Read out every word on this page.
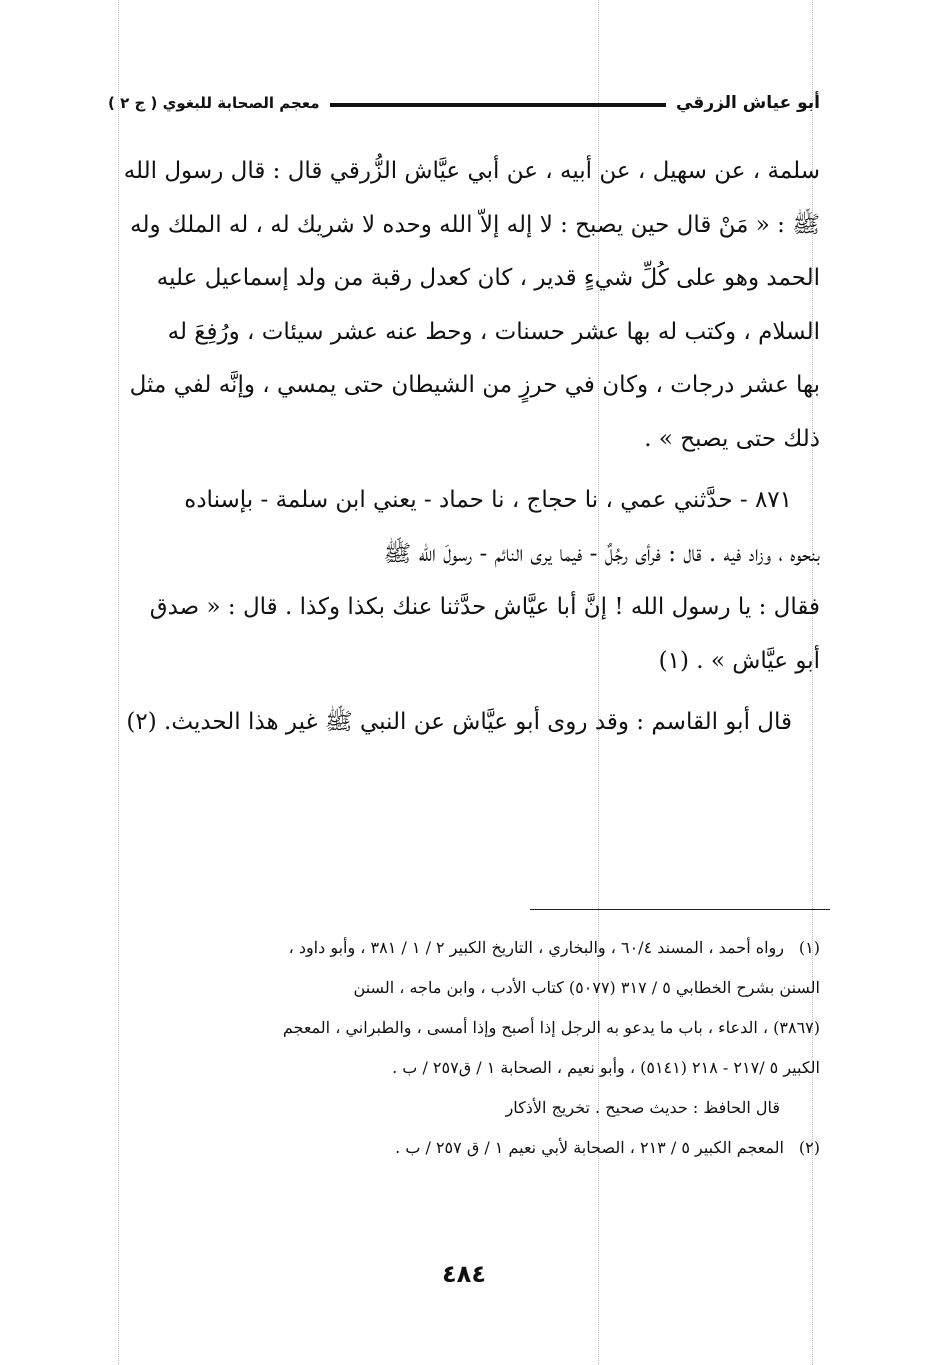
أبو عياش الزرقي
معجم الصحابة للبغوي ( ج ٢ )

سلمة ، عن سهيل ، عن أبيه ، عن أبي عيَّاش الزُّرقي قال : قال رسول الله

ﷺ : « مَنْ قال حين يصبح : لا إله إلاّ الله وحده لا شريك له ، له الملك وله

الحمد وهو على كُلِّ شيءٍ قدير ، كان كعدل رقبة من ولد إسماعيل عليه

السلام ، وكتب له بها عشر حسنات ، وحط عنه عشر سيئات ، ورُفِعَ له

بها عشر درجات ، وكان في حرزٍ من الشيطان حتى يمسي ، وإنَّه لفي مثل

ذلك حتى يصبح » .

٨٧١ - حدَّثني عمي ، نا حجاج ، نا حماد - يعني ابن سلمة - بإسناده

بنحوه ، وزاد فيه . قال : فرأى رجُلٌ - فيما يرى النائم - رسولَ الله ﷺ

فقال : يا رسول الله ! إنَّ أبا عيَّاش حدَّثنا عنك بكذا وكذا . قال : « صدق

أبو عيَّاش » . (١)

قال أبو القاسم : وقد روى أبو عيَّاش عن النبي ﷺ غير هذا الحديث. (٢)

(١)رواه أحمد ، المسند ٦٠/٤ ، والبخاري ، التاريخ الكبير ٢ / ١ / ٣٨١ ، وأبو داود ،

السنن بشرح الخطابي ٥ / ٣١٧ (٥٠٧٧) كتاب الأدب ، وابن ماجه ، السنن

(٣٨٦٧) ، الدعاء ، باب ما يدعو به الرجل إذا أصبح وإذا أمسى ، والطبراني ، المعجم

الكبير ٥ /٢١٧ - ٢١٨ (٥١٤١) ، وأبو نعيم ، الصحابة ١ / ق٢٥٧ / ب .

قال الحافظ : حديث صحيح . تخريج الأذكار

(٢)المعجم الكبير ٥ / ٢١٣ ، الصحابة لأبي نعيم ١ / ق ٢٥٧ / ب .

٤٨٤
